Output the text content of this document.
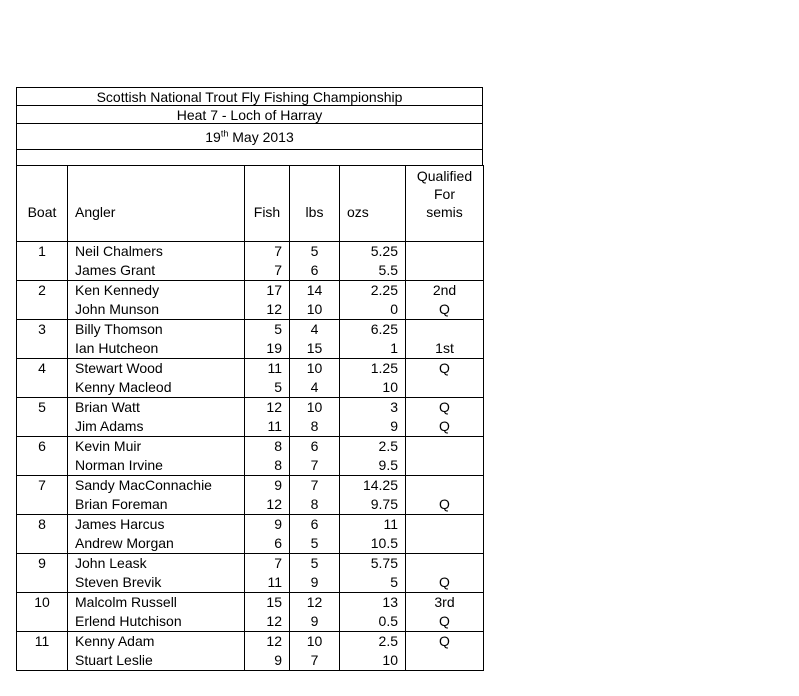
Scottish National Trout Fly Fishing Championship
Heat 7 - Loch of Harray
19th May 2013
Boat	Angler	Fish	lbs	ozs	Qualified
For
semis

1	Neil Chalmers	7	5	5.25	
	James Grant	7	6	5.5	
2	Ken Kennedy	17	14	2.25	2nd
	John Munson	12	10	0	Q
3	Billy Thomson	5	4	6.25	
	Ian Hutcheon	19	15	1	1st
4	Stewart Wood	11	10	1.25	Q
	Kenny Macleod	5	4	10	
5	Brian Watt	12	10	3	Q
	Jim Adams	11	8	9	Q
6	Kevin Muir	8	6	2.5	
	Norman Irvine	8	7	9.5	
7	Sandy MacConnachie	9	7	14.25	
	Brian Foreman	12	8	9.75	Q
8	James Harcus	9	6	11	
	Andrew Morgan	6	5	10.5	
9	John Leask	7	5	5.75	
	Steven Brevik	11	9	5	Q
10	Malcolm Russell	15	12	13	3rd
	Erlend Hutchison	12	9	0.5	Q
11	Kenny Adam	12	10	2.5	Q
	Stuart Leslie	9	7	10	
